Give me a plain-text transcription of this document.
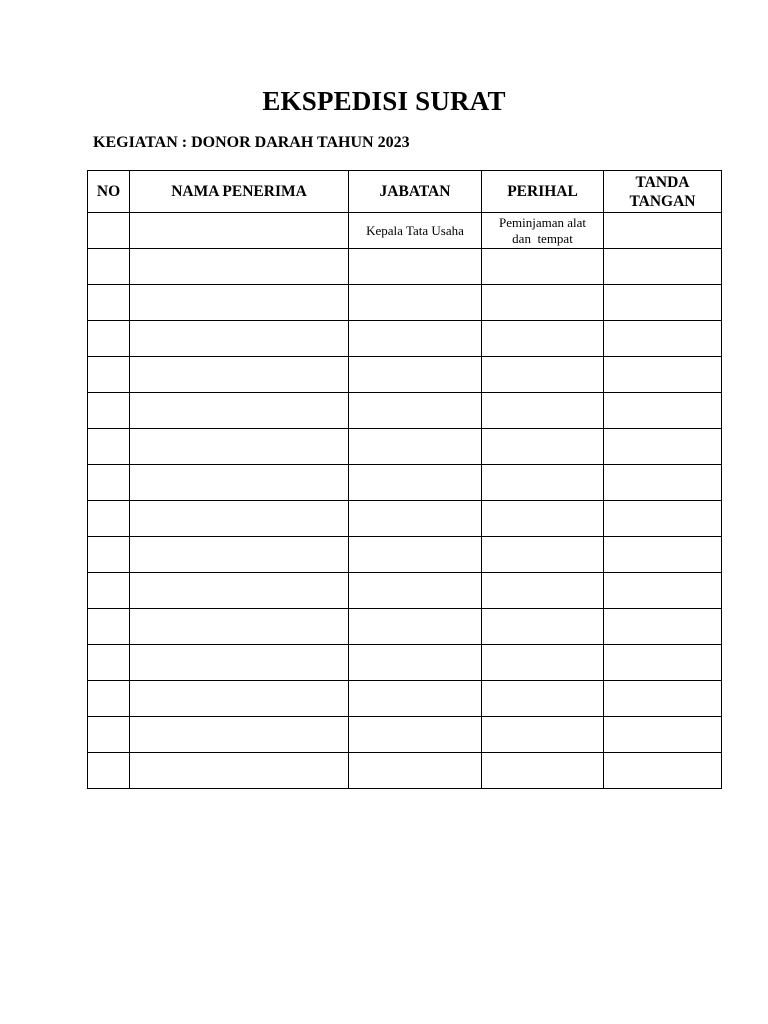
EKSPEDISI SURAT

KEGIATAN : DONOR DARAH TAHUN 2023

NO	NAMA PENERIMA	JABATAN	PERIHAL	TANDA
TANGAN

		Kepala Tata Usaha	Peminjaman alat
dan  tempat	
